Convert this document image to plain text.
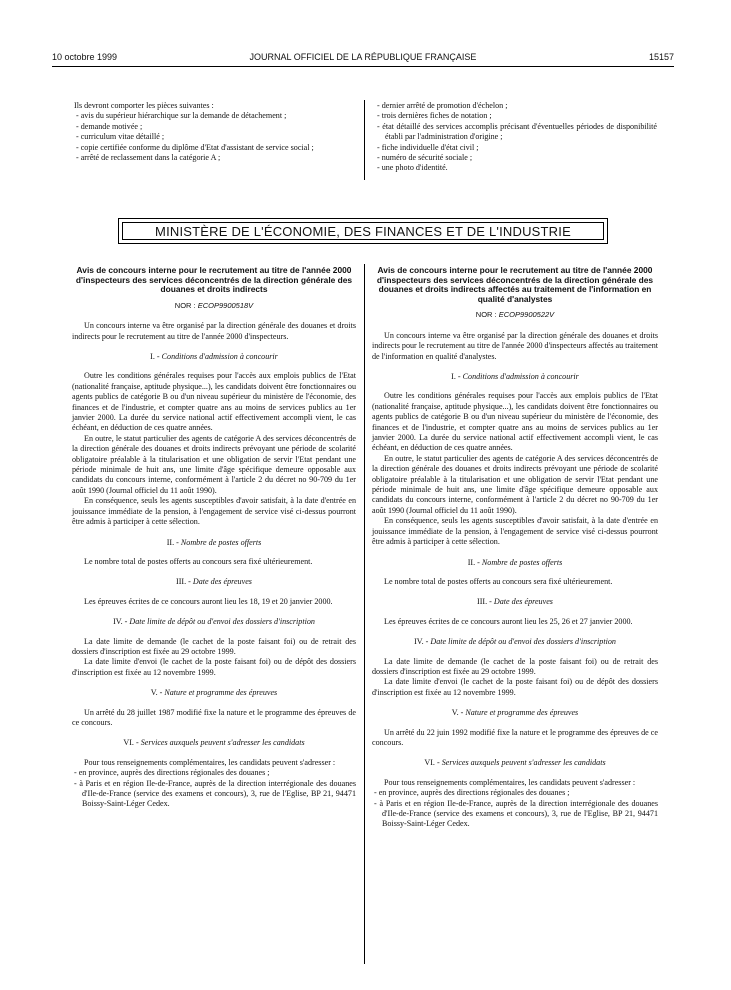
10 octobre 1999	JOURNAL OFFICIEL DE LA RÉPUBLIQUE FRANÇAISE	15157

Ils devront comporter les pièces suivantes :

- avis du supérieur hiérarchique sur la demande de détachement ;

- demande motivée ;

- curriculum vitae détaillé ;

- copie certifiée conforme du diplôme d'Etat d'assistant de service social ;

- arrêté de reclassement dans la catégorie A ;

- dernier arrêté de promotion d'échelon ;

- trois dernières fiches de notation ;

- état détaillé des services accomplis précisant d'éventuelles périodes de disponibilité établi par l'administration d'origine ;

- fiche individuelle d'état civil ;

- numéro de sécurité sociale ;

- une photo d'identité.

MINISTÈRE DE L'ÉCONOMIE, DES FINANCES ET DE L'INDUSTRIE

Avis de concours interne pour le recrutement au titre de l'année 2000 d'inspecteurs des services déconcentrés de la direction générale des douanes et droits indirects

NOR : ECOP9900518V

Un concours interne va être organisé par la direction générale des douanes et droits indirects pour le recrutement au titre de l'année 2000 d'inspecteurs.

I. - Conditions d'admission à concourir

Outre les conditions générales requises pour l'accès aux emplois publics de l'Etat (nationalité française, aptitude physique...), les candidats doivent être fonctionnaires ou agents publics de catégorie B ou d'un niveau supérieur du ministère de l'économie, des finances et de l'industrie, et compter quatre ans au moins de services publics au 1er janvier 2000. La durée du service national actif effectivement accompli vient, le cas échéant, en déduction de ces quatre années.

En outre, le statut particulier des agents de catégorie A des services déconcentrés de la direction générale des douanes et droits indirects prévoyant une période de scolarité obligatoire préalable à la titularisation et une obligation de servir l'Etat pendant une période minimale de huit ans, une limite d'âge spécifique demeure opposable aux candidats du concours interne, conformément à l'article 2 du décret no 90-709 du 1er août 1990 (Journal officiel du 11 août 1990).

En conséquence, seuls les agents susceptibles d'avoir satisfait, à la date d'entrée en jouissance immédiate de la pension, à l'engagement de service visé ci-dessus pourront être admis à participer à cette sélection.

II. - Nombre de postes offerts

Le nombre total de postes offerts au concours sera fixé ultérieurement.

III. - Date des épreuves

Les épreuves écrites de ce concours auront lieu les 18, 19 et 20 janvier 2000.

IV. - Date limite de dépôt ou d'envoi des dossiers d'inscription

La date limite de demande (le cachet de la poste faisant foi) ou de retrait des dossiers d'inscription est fixée au 29 octobre 1999.

La date limite d'envoi (le cachet de la poste faisant foi) ou de dépôt des dossiers d'inscription est fixée au 12 novembre 1999.

V. - Nature et programme des épreuves

Un arrêté du 28 juillet 1987 modifié fixe la nature et le programme des épreuves de ce concours.

VI. - Services auxquels peuvent s'adresser les candidats

Pour tous renseignements complémentaires, les candidats peuvent s'adresser :

- en province, auprès des directions régionales des douanes ;

- à Paris et en région Ile-de-France, auprès de la direction interrégionale des douanes d'Ile-de-France (service des examens et concours), 3, rue de l'Eglise, BP 21, 94471 Boissy-Saint-Léger Cedex.

Avis de concours interne pour le recrutement au titre de l'année 2000 d'inspecteurs des services déconcentrés de la direction générale des douanes et droits indirects affectés au traitement de l'information en qualité d'analystes

NOR : ECOP9900522V

Un concours interne va être organisé par la direction générale des douanes et droits indirects pour le recrutement au titre de l'année 2000 d'inspecteurs affectés au traitement de l'information en qualité d'analystes.

I. - Conditions d'admission à concourir

Outre les conditions générales requises pour l'accès aux emplois publics de l'Etat (nationalité française, aptitude physique...), les candidats doivent être fonctionnaires ou agents publics de catégorie B ou d'un niveau supérieur du ministère de l'économie, des finances et de l'industrie, et compter quatre ans au moins de services publics au 1er janvier 2000. La durée du service national actif effectivement accompli vient, le cas échéant, en déduction de ces quatre années.

En outre, le statut particulier des agents de catégorie A des services déconcentrés de la direction générale des douanes et droits indirects prévoyant une période de scolarité obligatoire préalable à la titularisation et une obligation de servir l'Etat pendant une période minimale de huit ans, une limite d'âge spécifique demeure opposable aux candidats du concours interne, conformément à l'article 2 du décret no 90-709 du 1er août 1990 (Journal officiel du 11 août 1990).

En conséquence, seuls les agents susceptibles d'avoir satisfait, à la date d'entrée en jouissance immédiate de la pension, à l'engagement de service visé ci-dessus pourront être admis à participer à cette sélection.

II. - Nombre de postes offerts

Le nombre total de postes offerts au concours sera fixé ultérieurement.

III. - Date des épreuves

Les épreuves écrites de ce concours auront lieu les 25, 26 et 27 janvier 2000.

IV. - Date limite de dépôt ou d'envoi des dossiers d'inscription

La date limite de demande (le cachet de la poste faisant foi) ou de retrait des dossiers d'inscription est fixée au 29 octobre 1999.

La date limite d'envoi (le cachet de la poste faisant foi) ou de dépôt des dossiers d'inscription est fixée au 12 novembre 1999.

V. - Nature et programme des épreuves

Un arrêté du 22 juin 1992 modifié fixe la nature et le programme des épreuves de ce concours.

VI. - Services auxquels peuvent s'adresser les candidats

Pour tous renseignements complémentaires, les candidats peuvent s'adresser :

- en province, auprès des directions régionales des douanes ;

- à Paris et en région Ile-de-France, auprès de la direction interrégionale des douanes d'Ile-de-France (service des examens et concours), 3, rue de l'Eglise, BP 21, 94471 Boissy-Saint-Léger Cedex.
